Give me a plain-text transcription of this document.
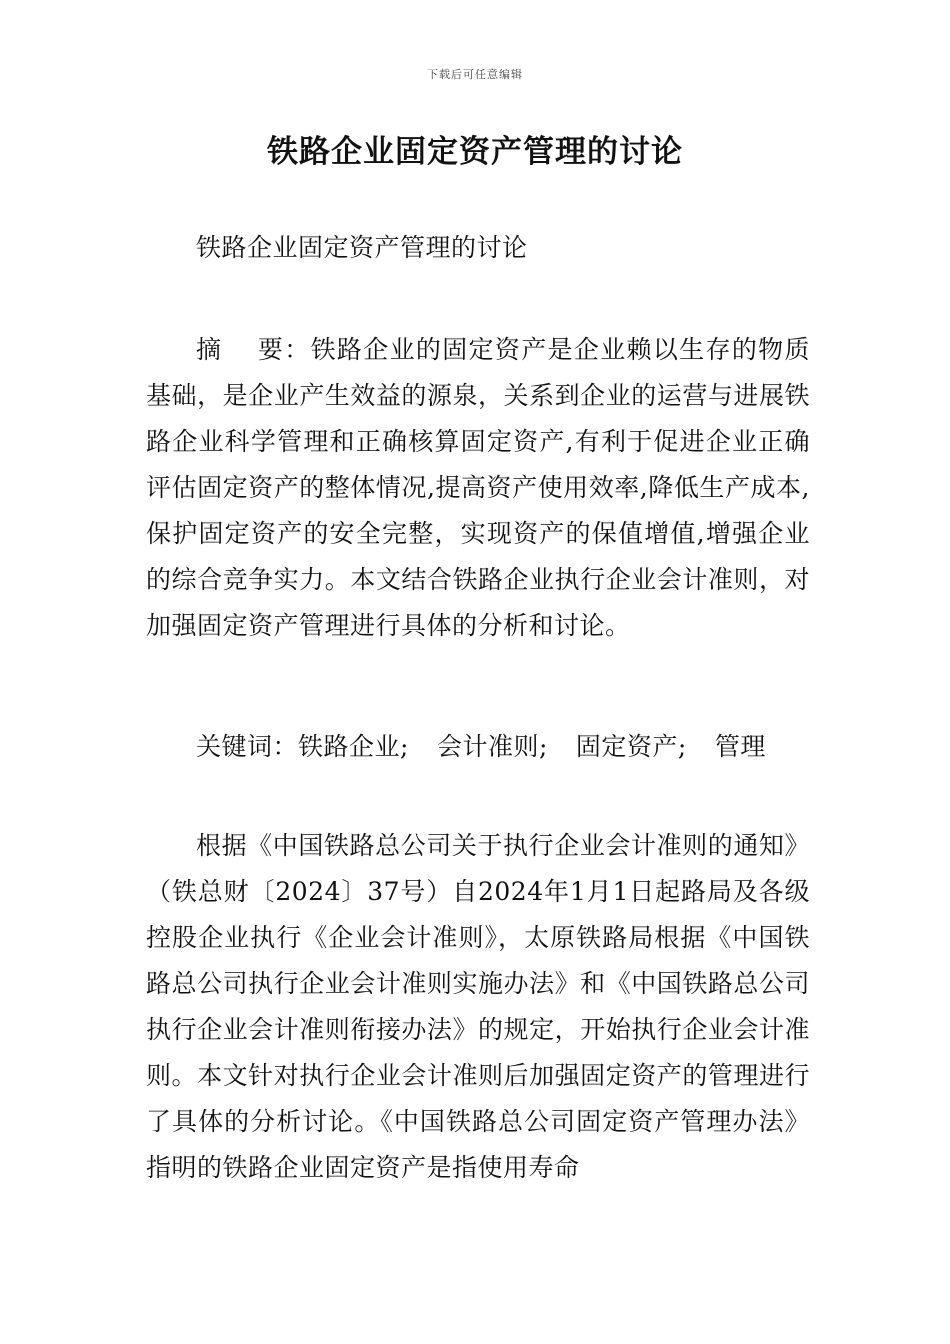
下载后可任意编辑
铁路企业固定资产管理的讨论

铁路企业固定资产管理的讨论

摘　 要：铁路企业的固定资产是企业赖以生存的物质基础，是企业产生效益的源泉，关系到企业的运营与进展铁路企业科学管理和正确核算固定资产,有利于促进企业正确评估固定资产的整体情况,提高资产使用效率,降低生产成本,保护固定资产的安全完整，实现资产的保值增值,增强企业的综合竞争实力。本文结合铁路企业执行企业会计准则，对加强固定资产管理进行具体的分析和讨论。

关键词：铁路企业; 会计准则; 固定资产; 管理

根据《中国铁路总公司关于执行企业会计准则的通知》（铁总财〔2024〕37号）自2024年1月1日起路局及各级控股企业执行《企业会计准则》，太原铁路局根据《中国铁路总公司执行企业会计准则实施办法》和《中国铁路总公司执行企业会计准则衔接办法》的规定，开始执行企业会计准则。本文针对执行企业会计准则后加强固定资产的管理进行了具体的分析讨论。《中国铁路总公司固定资产管理办法》指明的铁路企业固定资产是指使用寿命
